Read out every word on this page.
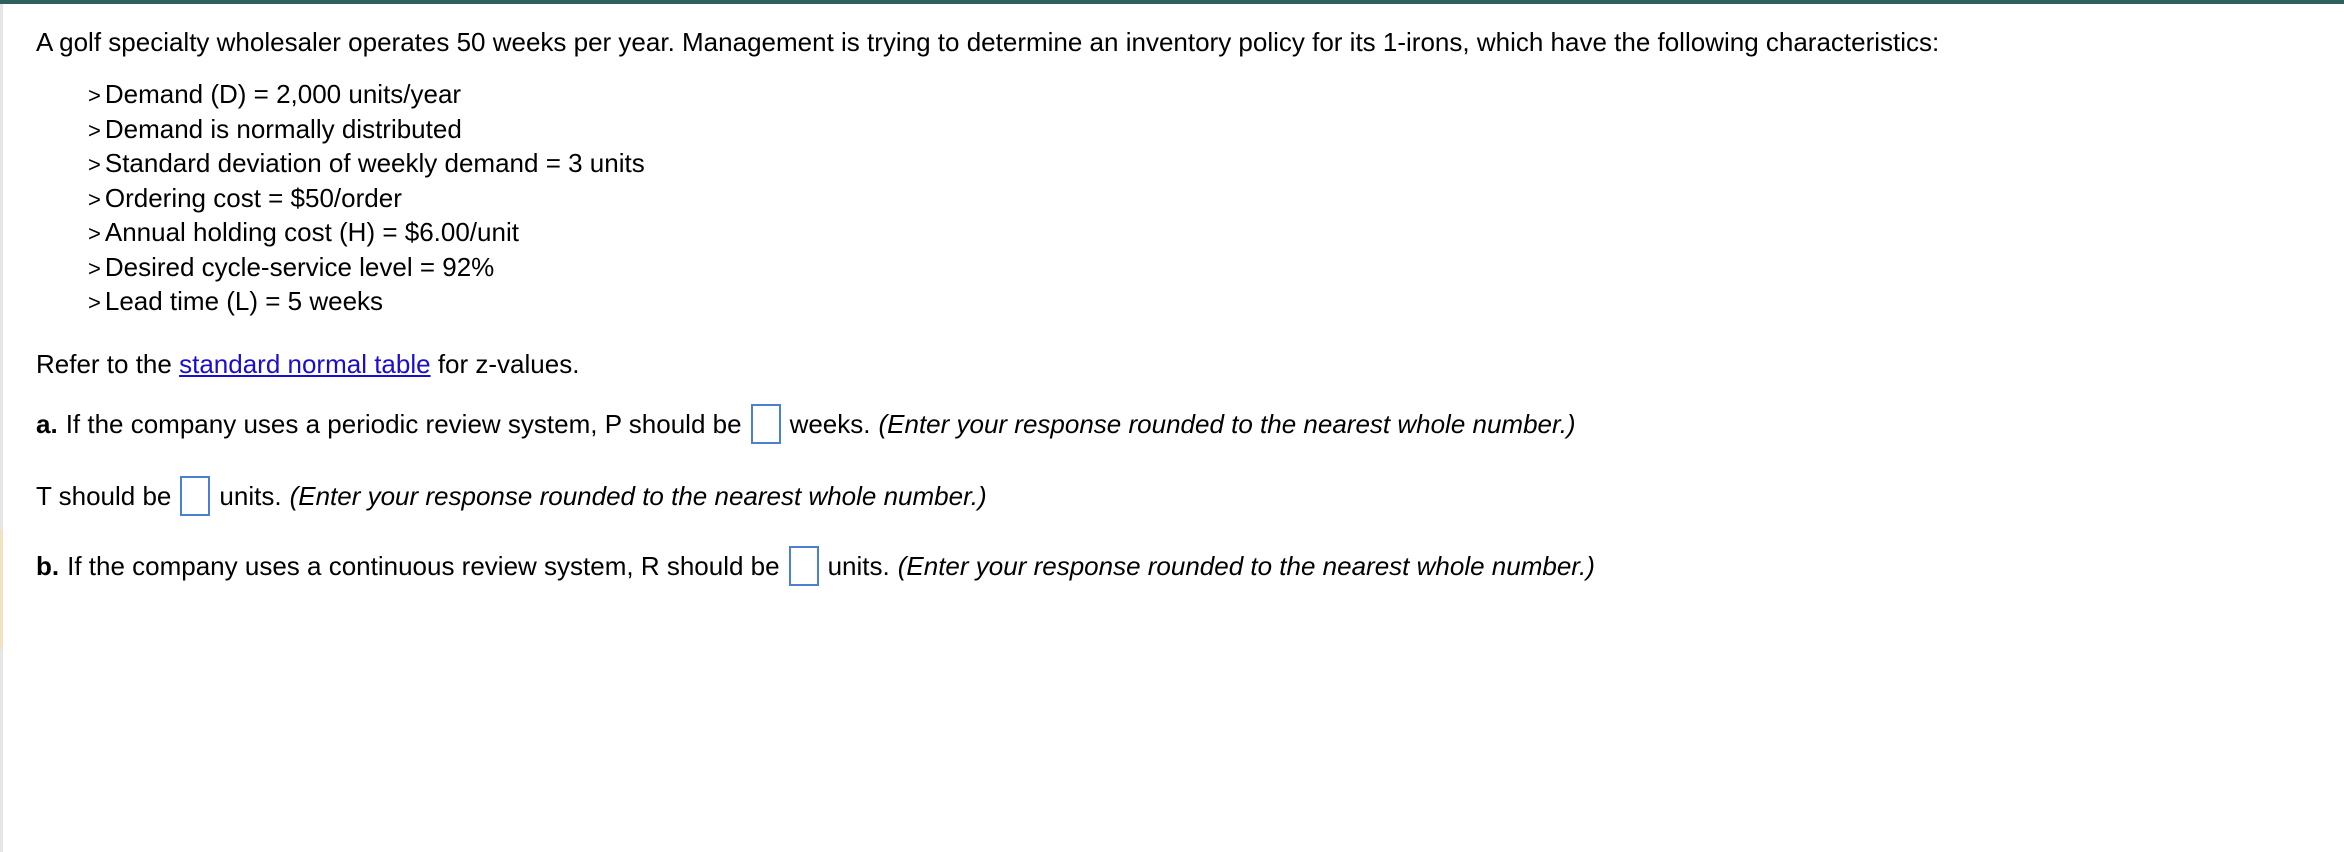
A golf specialty wholesaler operates 50 weeks per year. Management is trying to determine an inventory policy for its 1-irons, which have the following characteristics:

> Demand (D) = 2,000 units/year
> Demand is normally distributed
> Standard deviation of weekly demand = 3 units
> Ordering cost = $50/order
> Annual holding cost (H) = $6.00/unit
> Desired cycle-service level = 92%
> Lead time (L) = 5 weeks

Refer to the standard normal table for z-values.

a. If the company uses a periodic review system, P should be weeks. (Enter your response rounded to the nearest whole number.)
T should be units. (Enter your response rounded to the nearest whole number.)
b. If the company uses a continuous review system, R should be units. (Enter your response rounded to the nearest whole number.)
